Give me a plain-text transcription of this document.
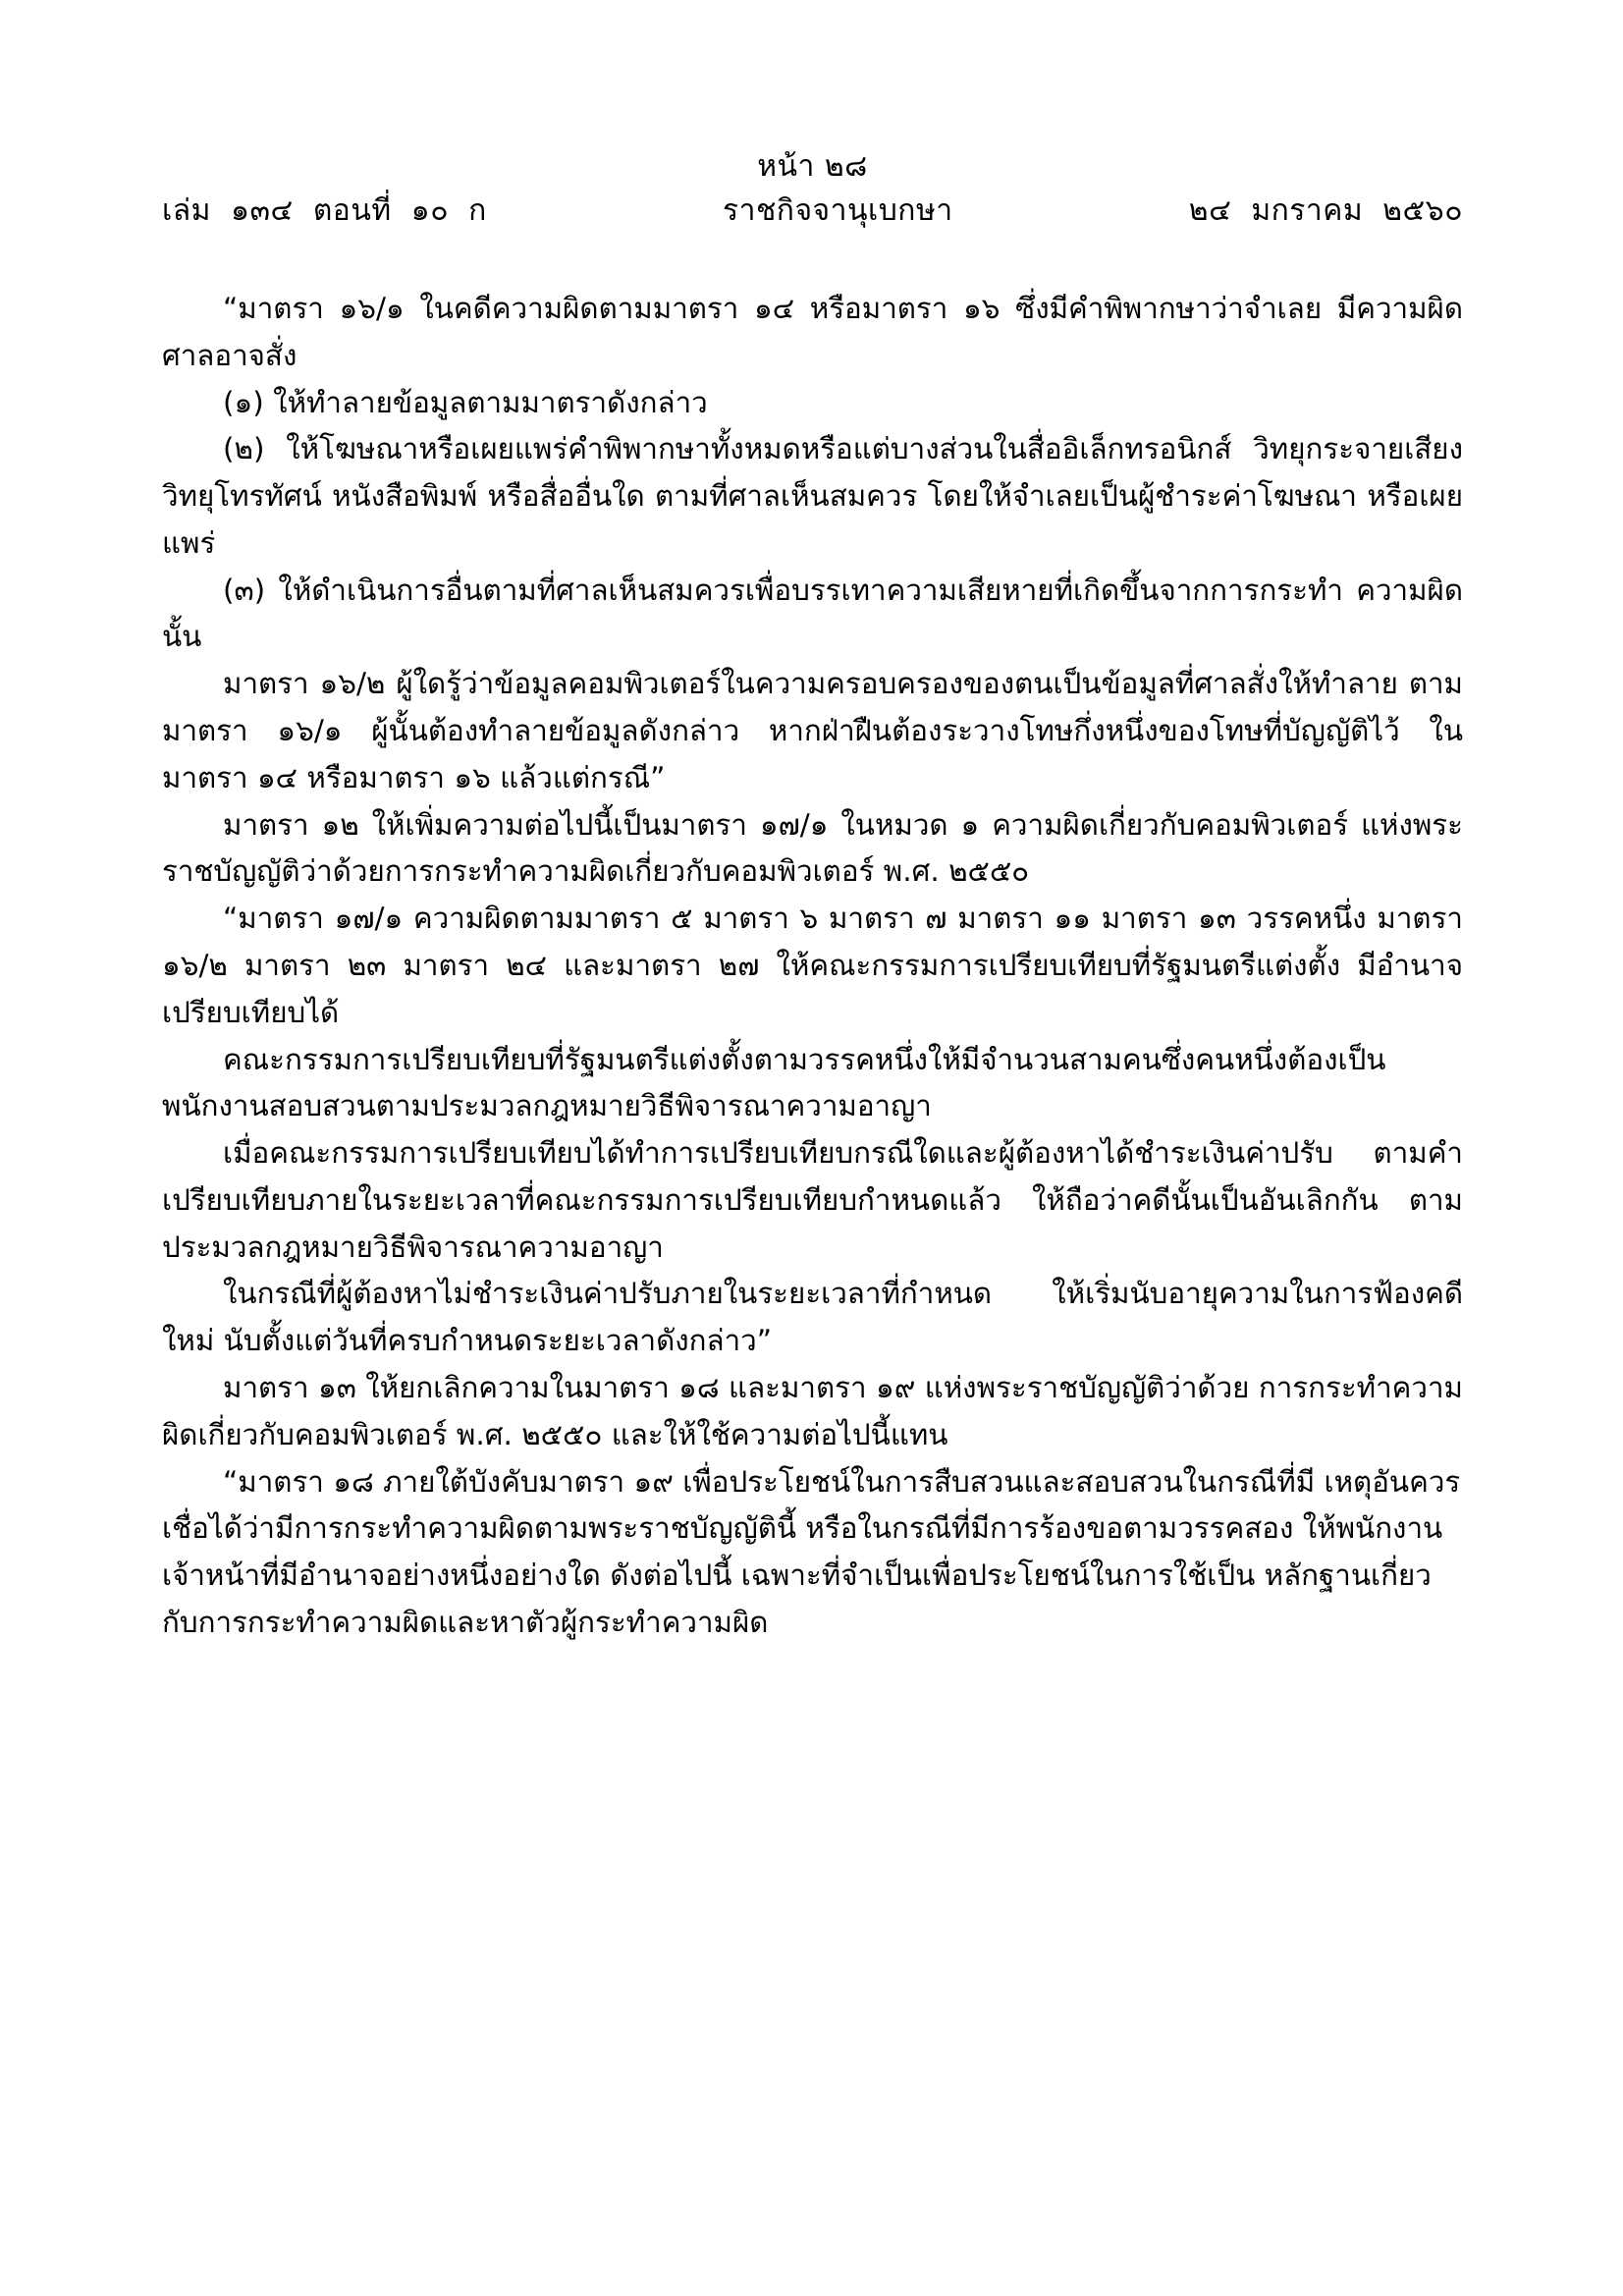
หน้า ๒๘
เล่ม  ๑๓๔  ตอนที่  ๑๐  ก	ราชกิจจานุเบกษา	๒๔  มกราคม  ๒๕๖๐

“มาตรา ๑๖/๑ ในคดีความผิดตามมาตรา ๑๔ หรือมาตรา ๑๖ ซึ่งมีคำพิพากษาว่าจำเลย มีความผิด ศาลอาจสั่ง

(๑) ให้ทำลายข้อมูลตามมาตราดังกล่าว

(๒) ให้โฆษณาหรือเผยแพร่คำพิพากษาทั้งหมดหรือแต่บางส่วนในสื่ออิเล็กทรอนิกส์ วิทยุกระจายเสียง วิทยุโทรทัศน์ หนังสือพิมพ์ หรือสื่ออื่นใด ตามที่ศาลเห็นสมควร โดยให้จำเลยเป็นผู้ชำระค่าโฆษณา หรือเผยแพร่

(๓) ให้ดำเนินการอื่นตามที่ศาลเห็นสมควรเพื่อบรรเทาความเสียหายที่เกิดขึ้นจากการกระทำ ความผิดนั้น

มาตรา ๑๖/๒ ผู้ใดรู้ว่าข้อมูลคอมพิวเตอร์ในความครอบครองของตนเป็นข้อมูลที่ศาลสั่งให้ทำลาย ตามมาตรา ๑๖/๑ ผู้นั้นต้องทำลายข้อมูลดังกล่าว หากฝ่าฝืนต้องระวางโทษกึ่งหนึ่งของโทษที่บัญญัติไว้ ในมาตรา ๑๔ หรือมาตรา ๑๖ แล้วแต่กรณี”

มาตรา ๑๒ ให้เพิ่มความต่อไปนี้เป็นมาตรา ๑๗/๑ ในหมวด ๑ ความผิดเกี่ยวกับคอมพิวเตอร์ แห่งพระราชบัญญัติว่าด้วยการกระทำความผิดเกี่ยวกับคอมพิวเตอร์ พ.ศ. ๒๕๕๐

“มาตรา ๑๗/๑ ความผิดตามมาตรา ๕ มาตรา ๖ มาตรา ๗ มาตรา ๑๑ มาตรา ๑๓ วรรคหนึ่ง มาตรา ๑๖/๒ มาตรา ๒๓ มาตรา ๒๔ และมาตรา ๒๗ ให้คณะกรรมการเปรียบเทียบที่รัฐมนตรีแต่งตั้ง มีอำนาจเปรียบเทียบได้

คณะกรรมการเปรียบเทียบที่รัฐมนตรีแต่งตั้งตามวรรคหนึ่งให้มีจำนวนสามคนซึ่งคนหนึ่งต้องเป็น พนักงานสอบสวนตามประมวลกฎหมายวิธีพิจารณาความอาญา

เมื่อคณะกรรมการเปรียบเทียบได้ทำการเปรียบเทียบกรณีใดและผู้ต้องหาได้ชำระเงินค่าปรับ ตามคำเปรียบเทียบภายในระยะเวลาที่คณะกรรมการเปรียบเทียบกำหนดแล้ว ให้ถือว่าคดีนั้นเป็นอันเลิกกัน ตามประมวลกฎหมายวิธีพิจารณาความอาญา

ในกรณีที่ผู้ต้องหาไม่ชำระเงินค่าปรับภายในระยะเวลาที่กำหนด ให้เริ่มนับอายุความในการฟ้องคดีใหม่ นับตั้งแต่วันที่ครบกำหนดระยะเวลาดังกล่าว”

มาตรา ๑๓ ให้ยกเลิกความในมาตรา ๑๘ และมาตรา ๑๙ แห่งพระราชบัญญัติว่าด้วย การกระทำความผิดเกี่ยวกับคอมพิวเตอร์ พ.ศ. ๒๕๕๐ และให้ใช้ความต่อไปนี้แทน

“มาตรา ๑๘ ภายใต้บังคับมาตรา ๑๙ เพื่อประโยชน์ในการสืบสวนและสอบสวนในกรณีที่มี เหตุอันควรเชื่อได้ว่ามีการกระทำความผิดตามพระราชบัญญัตินี้ หรือในกรณีที่มีการร้องขอตามวรรคสอง ให้พนักงานเจ้าหน้าที่มีอำนาจอย่างหนึ่งอย่างใด ดังต่อไปนี้ เฉพาะที่จำเป็นเพื่อประโยชน์ในการใช้เป็น หลักฐานเกี่ยวกับการกระทำความผิดและหาตัวผู้กระทำความผิด
